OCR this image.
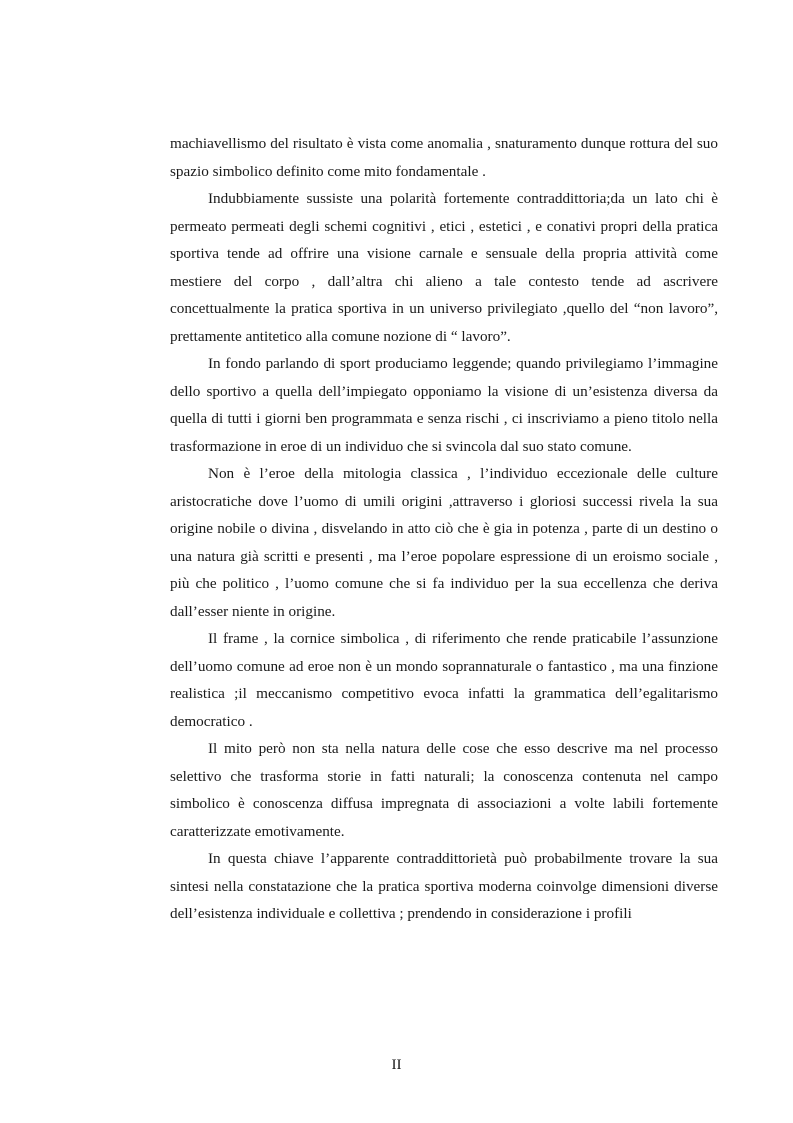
machiavellismo del risultato è vista come anomalia , snaturamento dunque rottura del suo spazio simbolico definito come mito fondamentale .

Indubbiamente sussiste una polarità fortemente contraddittoria;da un lato chi è permeato permeati degli schemi cognitivi , etici , estetici , e conativi propri della pratica sportiva tende ad offrire una visione carnale e sensuale della propria attività come mestiere del corpo , dall’altra chi alieno a tale contesto tende ad ascrivere concettualmente la pratica sportiva in un universo privilegiato ,quello del “non lavoro”, prettamente antitetico alla comune nozione di “ lavoro”.

In fondo parlando di sport produciamo leggende; quando privilegiamo l’immagine dello sportivo a quella dell’impiegato opponiamo la visione di un’esistenza diversa da quella di tutti i giorni ben programmata e senza rischi , ci inscriviamo a pieno titolo nella trasformazione in eroe di un individuo che si svincola dal suo stato comune.

Non è l’eroe della mitologia classica , l’individuo eccezionale delle culture aristocratiche dove l’uomo di umili origini ,attraverso i gloriosi successi rivela la sua origine nobile o divina , disvelando in atto ciò che è gia in potenza , parte di un destino o una natura già scritti e presenti , ma l’eroe popolare espressione di un eroismo sociale , più che politico , l’uomo comune che si fa individuo per la sua eccellenza che deriva dall’esser niente in origine.

Il frame , la cornice simbolica , di riferimento che rende praticabile l’assunzione dell’uomo comune ad eroe non è un mondo soprannaturale o fantastico , ma una finzione realistica ;il meccanismo competitivo evoca infatti la grammatica dell’egalitarismo democratico .

Il mito però non sta nella natura delle cose che esso descrive ma nel processo selettivo che trasforma storie in fatti naturali; la conoscenza contenuta nel campo simbolico è conoscenza diffusa impregnata di associazioni a volte labili fortemente caratterizzate emotivamente.

In questa chiave l’apparente contraddittorietà può probabilmente trovare la sua sintesi nella constatazione che la pratica sportiva moderna coinvolge dimensioni diverse dell’esistenza individuale e collettiva ; prendendo in considerazione i profili

II
